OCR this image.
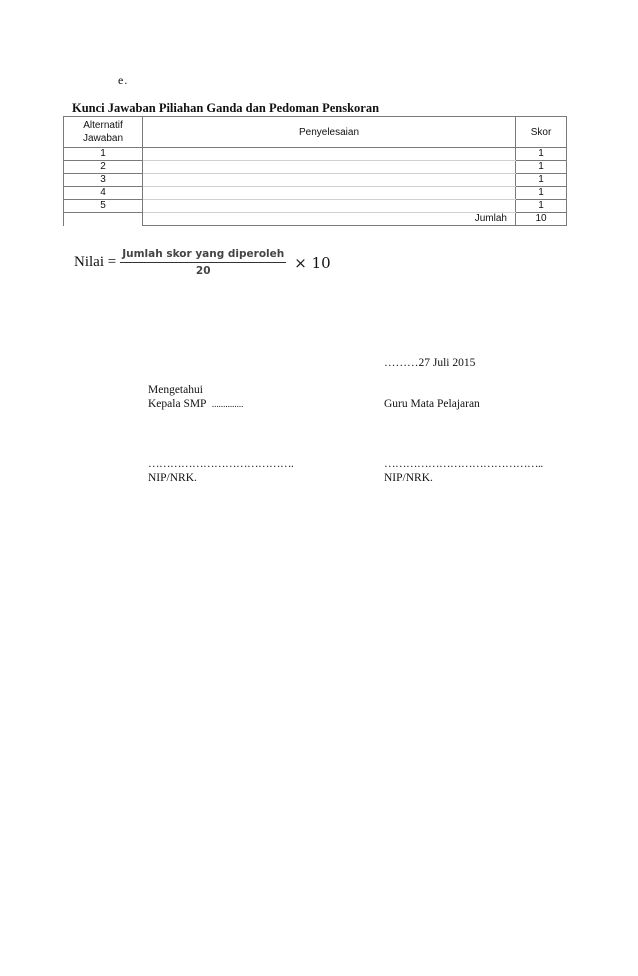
e.
Kunci Jawaban Piliahan Ganda dan Pedoman Penskoran
Alternatif Jawaban	Penyelesaian	Skor
1		1
2		1
3		1
4		1
5		1
	Jumlah	10
Nilai = $\frac{\text{Jumlah skor yang diperoleh}}{20} \times 10$
………27 Juli 2015
Mengetahui
Kepala SMP ..............	Guru Mata Pelajaran
………………………………….	……………………………………..
NIP/NRK.	NIP/NRK.
